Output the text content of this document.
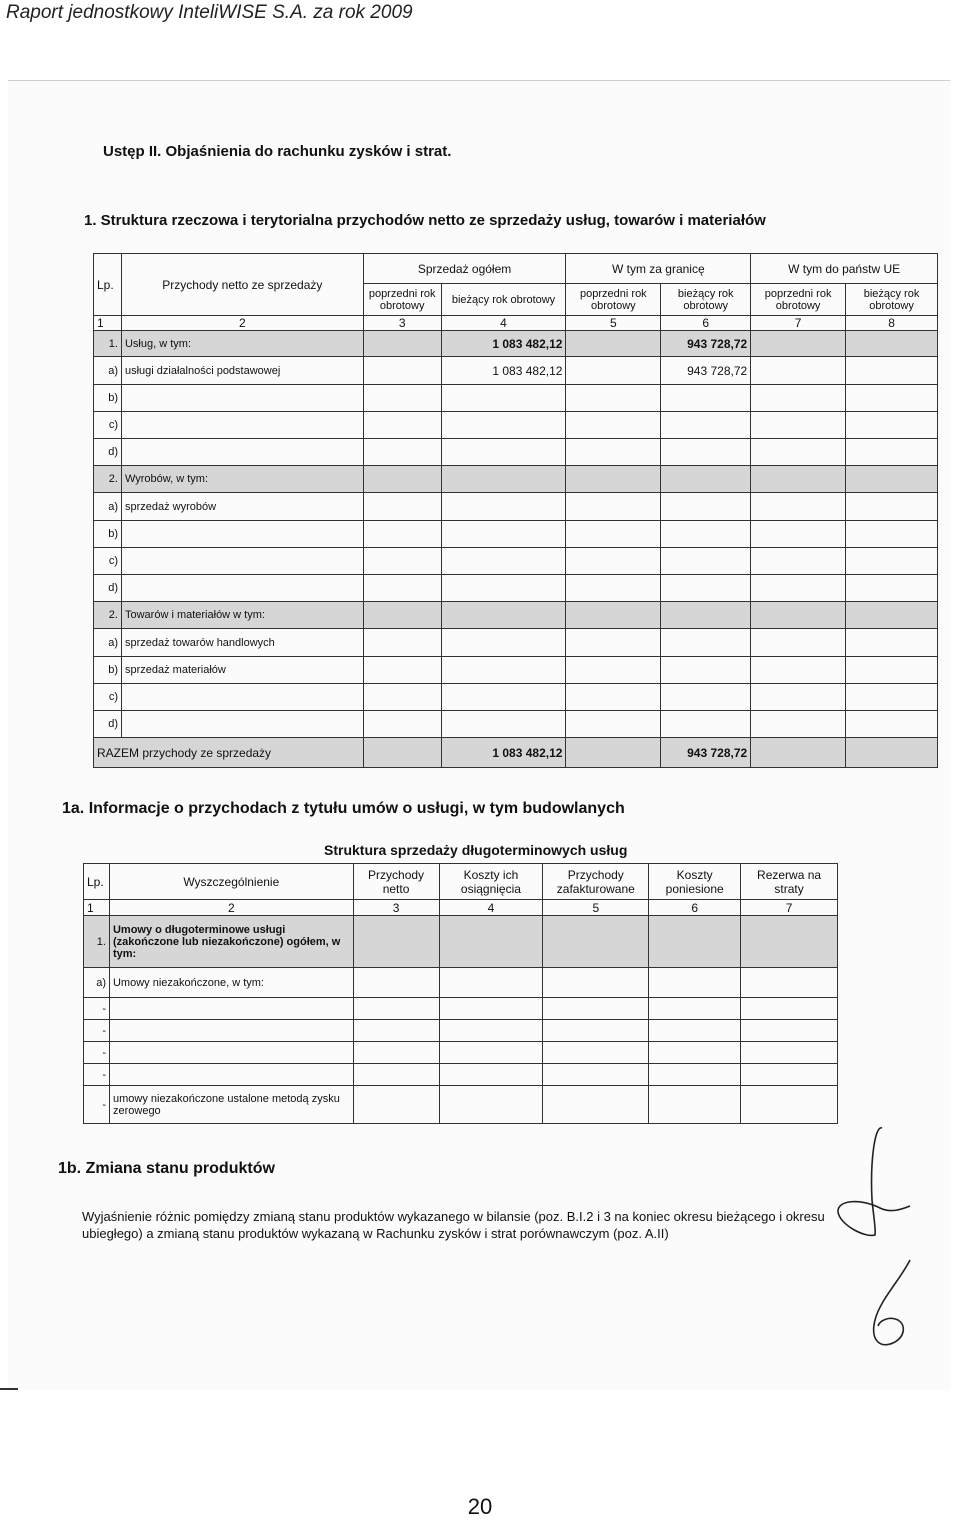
Raport jednostkowy InteliWISE S.A. za rok 2009
Ustęp II. Objaśnienia do rachunku zysków i strat.
1. Struktura rzeczowa i terytorialna przychodów netto ze sprzedaży usług, towarów i materiałów
Lp.	Przychody netto ze sprzedaży	Sprzedaż ogółem		W tym za granicę		W tym do państw UE	
		poprzedni rok obrotowy	bieżący rok obrotowy	poprzedni rok obrotowy	bieżący rok obrotowy	poprzedni rok obrotowy	bieżący rok obrotowy
1	2	3	4	5	6	7	8
1.	Usług, w tym:		1 083 482,12		943 728,72		
a)	usługi działalności podstawowej		1 083 482,12		943 728,72		
b)							
c)							
d)							
2.	Wyrobów, w tym:						
a)	sprzedaż wyrobów						
b)							
c)							
d)							
2.	Towarów i materiałów w tym:						
a)	sprzedaż towarów handlowych						
b)	sprzedaż materiałów						
c)							
d)							
RAZEM przychody ze sprzedaży			1 083 482,12		943 728,72		
1a. Informacje o przychodach z tytułu umów o usługi, w tym budowlanych
Struktura sprzedaży długoterminowych usług
Lp.	Wyszczególnienie	Przychody netto	Koszty ich osiągnięcia	Przychody zafakturowane	Koszty poniesione	Rezerwa na straty
1	2	3	4	5	6	7
1.	Umowy o długoterminowe usługi (zakończone lub niezakończone) ogółem, w tym:					
a)	Umowy niezakończone, w tym:					
-						
-						
-						
-						
-	umowy niezakończone ustalone metodą zysku zerowego					
1b. Zmiana stanu produktów
Wyjaśnienie różnic pomiędzy zmianą stanu produktów wykazanego w bilansie (poz. B.I.2 i 3 na koniec okresu bieżącego i okresu ubiegłego) a zmianą stanu produktów wykazaną w Rachunku zysków i strat porównawczym (poz. A.II)
20
